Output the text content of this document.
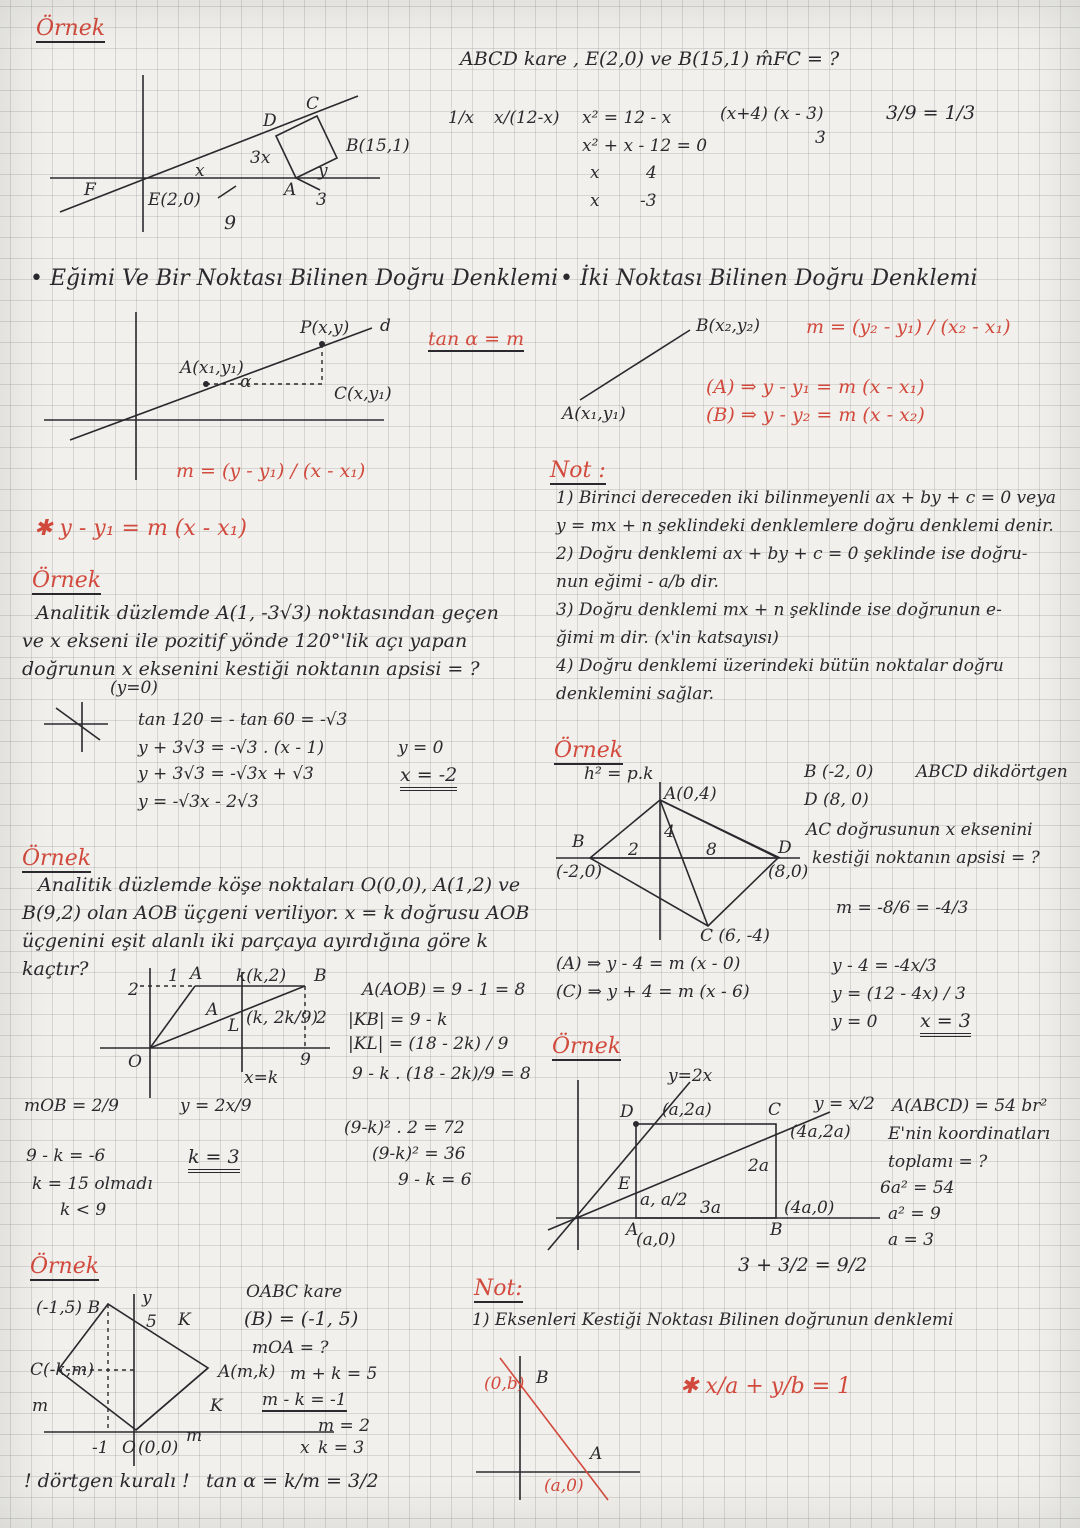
Örnek
ABCD kare , E(2,0) ve B(15,1) m̂FC = ?
D
C
B(15,1)
E(2,0)
F	A
3x
x
3
y
9
1/x x/(12-x) x² = 12 - x
x² + x - 12 = 0
x	4
x -3
(x+4) (x - 3)
3
3/9 = 1/3
• Eğimi Ve Bir Noktası Bilinen Doğru Denklemi
P(x,y) d
A(x₁,y₁)
α
C(x,y₁)
tan α = m
m = (y - y₁) / (x - x₁)
✱ y - y₁ = m (x - x₁)
• İki Noktası Bilinen Doğru Denklemi
B(x₂,y₂)
A(x₁,y₁)
m = (y₂ - y₁) / (x₂ - x₁)
(A) ⇒ y - y₁ = m (x - x₁)
(B) ⇒ y - y₂ = m (x - x₂)
Örnek
Analitik düzlemde A(1, -3√3) noktasından geçen
ve x ekseni ile pozitif yönde 120°'lik açı yapan
doğrunun x eksenini kestiği noktanın apsisi = ?
(y=0)
tan 120 = - tan 60 = -√3
y + 3√3 = -√3 . (x - 1)
y + 3√3 = -√3x + √3
y = -√3x - 2√3
y = 0
x = -2
Not :
1) Birinci dereceden iki bilinmeyenli ax + by + c = 0 veya
y = mx + n şeklindeki denklemlere doğru denklemi denir.
2) Doğru denklemi ax + by + c = 0 şeklinde ise doğru-
nun eğimi - a/b dir.
3) Doğru denklemi mx + n şeklinde ise doğrunun e-
ğimi m dir. (x'in katsayısı)
4) Doğru denklemi üzerindeki bütün noktalar doğru
denklemini sağlar.
Örnek
Analitik düzlemde köşe noktaları O(0,0), A(1,2) ve
B(9,2) olan AOB üçgeni veriliyor. x = k doğrusu AOB
üçgenini eşit alanlı iki parçaya ayırdığına göre k
kaçtır?	A k(k,2) B
2
1
A
L (k, 2k/9)
2
O
x=k
9
A(AOB) = 9 - 1 = 8
|KB| = 9 - k
|KL| = (18 - 2k) / 9
9 - k . (18 - 2k)/9 = 8
(9-k)² . 2 = 72
(9-k)² = 36
9 - k = 6
mOB = 2/9	y = 2x/9
k = 3
9 - k = -6
k = 15 olmadı
k < 9
Örnek
h² = p.k	B (-2, 0)
D (8, 0)
ABCD dikdörtgen
AC doğrusunun x eksenini
kestiği noktanın apsisi = ?
A(0,4)
B
(-2,0)
D
(8,0)
C (6, -4)
2	8
4
m = -8/6 = -4/3
(A) ⇒ y - 4 = m (x - 0)
(C) ⇒ y + 4 = m (x - 6)
y - 4 = -4x/3
y = (12 - 4x) / 3
y = 0 x = 3
Örnek
y=2x
D (a,2a)	C y = x/2
(4a,2a)
2a
E
a, a/2 3a
A
(a,0)	B
(4a,0)
A(ABCD) = 54 br²
E'nin koordinatları
toplamı = ?
6a² = 54
a² = 9
a = 3
3 + 3/2 = 9/2
Örnek
(-1,5) B y
5 K
C(-k,m)
m
A(m,k)
K
-1 O (0,0)
m
x
OABC kare
(B) = (-1, 5)
mOA = ?
m + k = 5
m - k = -1
m = 2
k = 3
! dörtgen kuralı ! tan α = k/m = 3/2
Not:
1) Eksenleri Kestiği Noktası Bilinen doğrunun denklemi
(0,b) B
A
(a,0)
✱ x/a + y/b = 1
